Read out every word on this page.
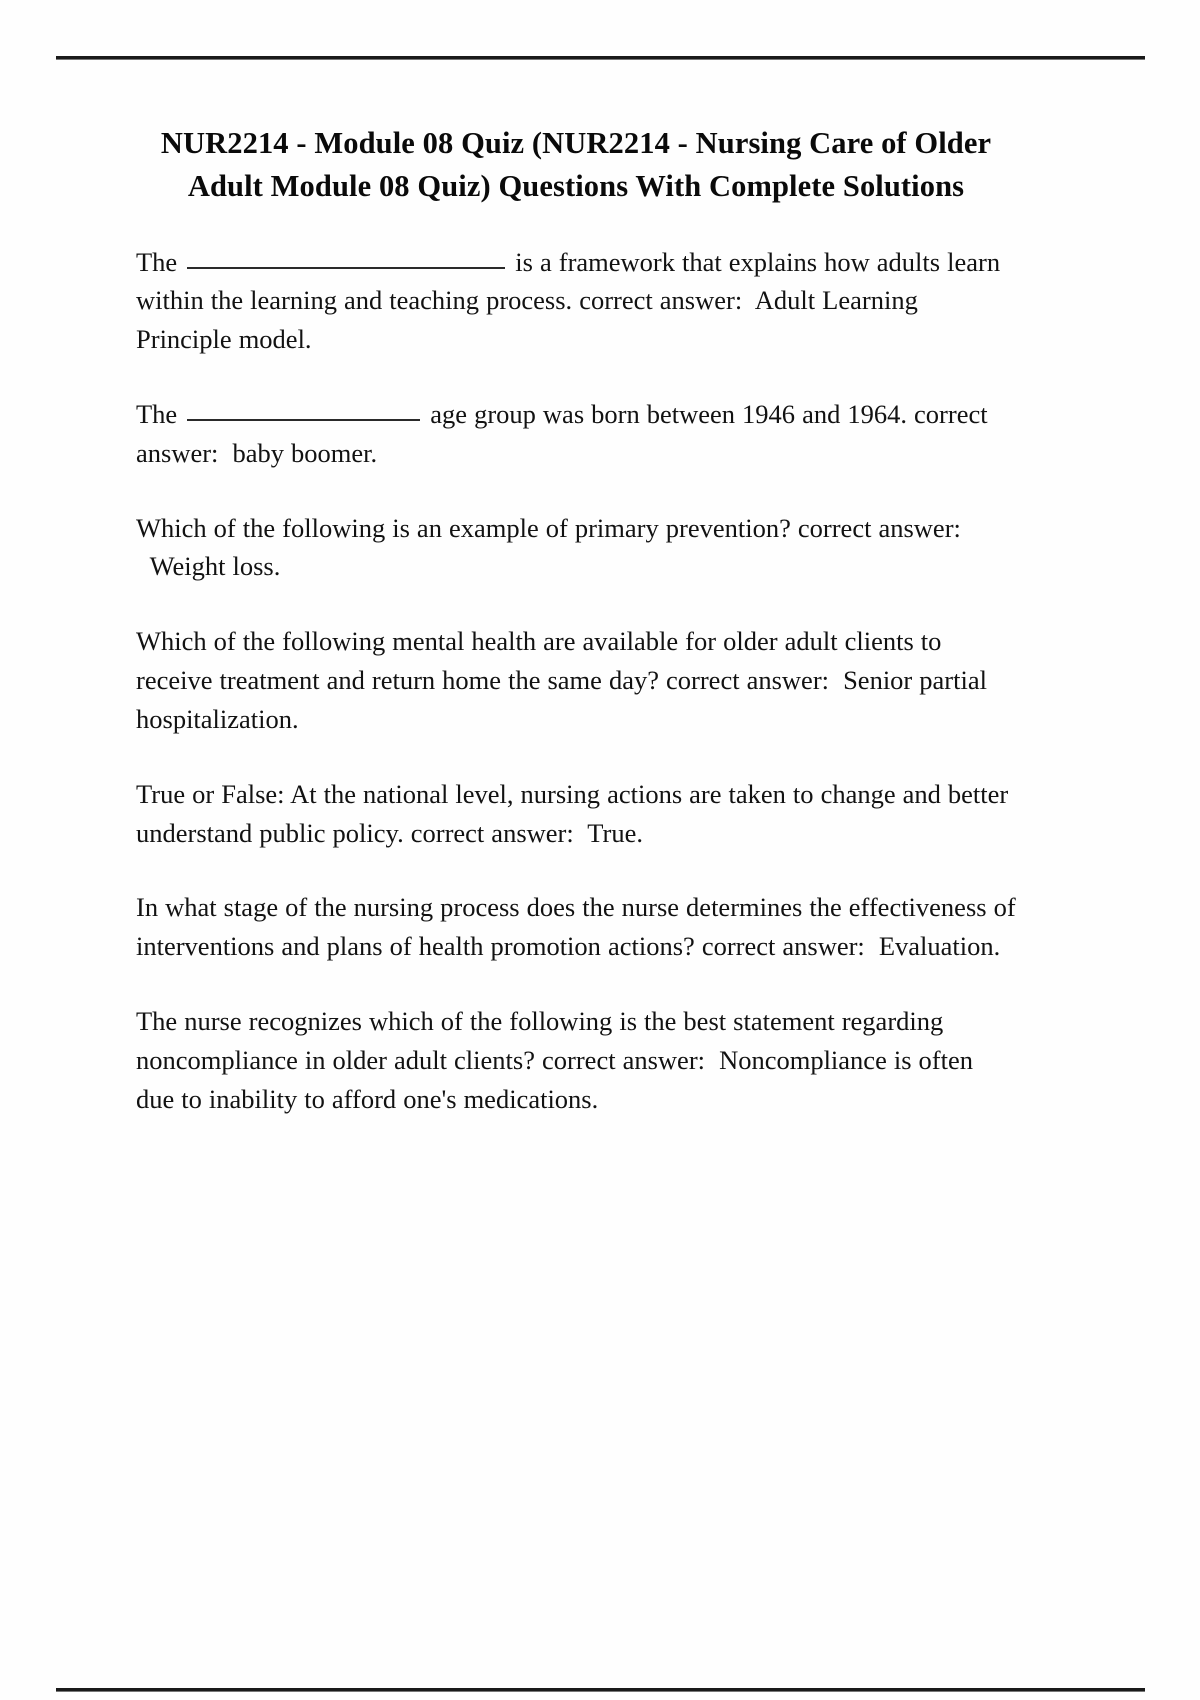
NUR2214 - Module 08 Quiz (NUR2214 - Nursing Care of Older Adult Module 08 Quiz) Questions With Complete Solutions

The	is a framework that explains how adults learn within the learning and teaching process. correct answer: Adult Learning Principle model.

The	age group was born between 1946 and 1964. correct answer: baby boomer.

Which of the following is an example of primary prevention? correct answer:  Weight loss.

Which of the following mental health are available for older adult clients to receive treatment and return home the same day? correct answer: Senior partial hospitalization.

True or False: At the national level, nursing actions are taken to change and better understand public policy. correct answer: True.

In what stage of the nursing process does the nurse determines the effectiveness of interventions and plans of health promotion actions? correct answer: Evaluation.

The nurse recognizes which of the following is the best statement regarding noncompliance in older adult clients? correct answer: Noncompliance is often due to inability to afford one's medications.
